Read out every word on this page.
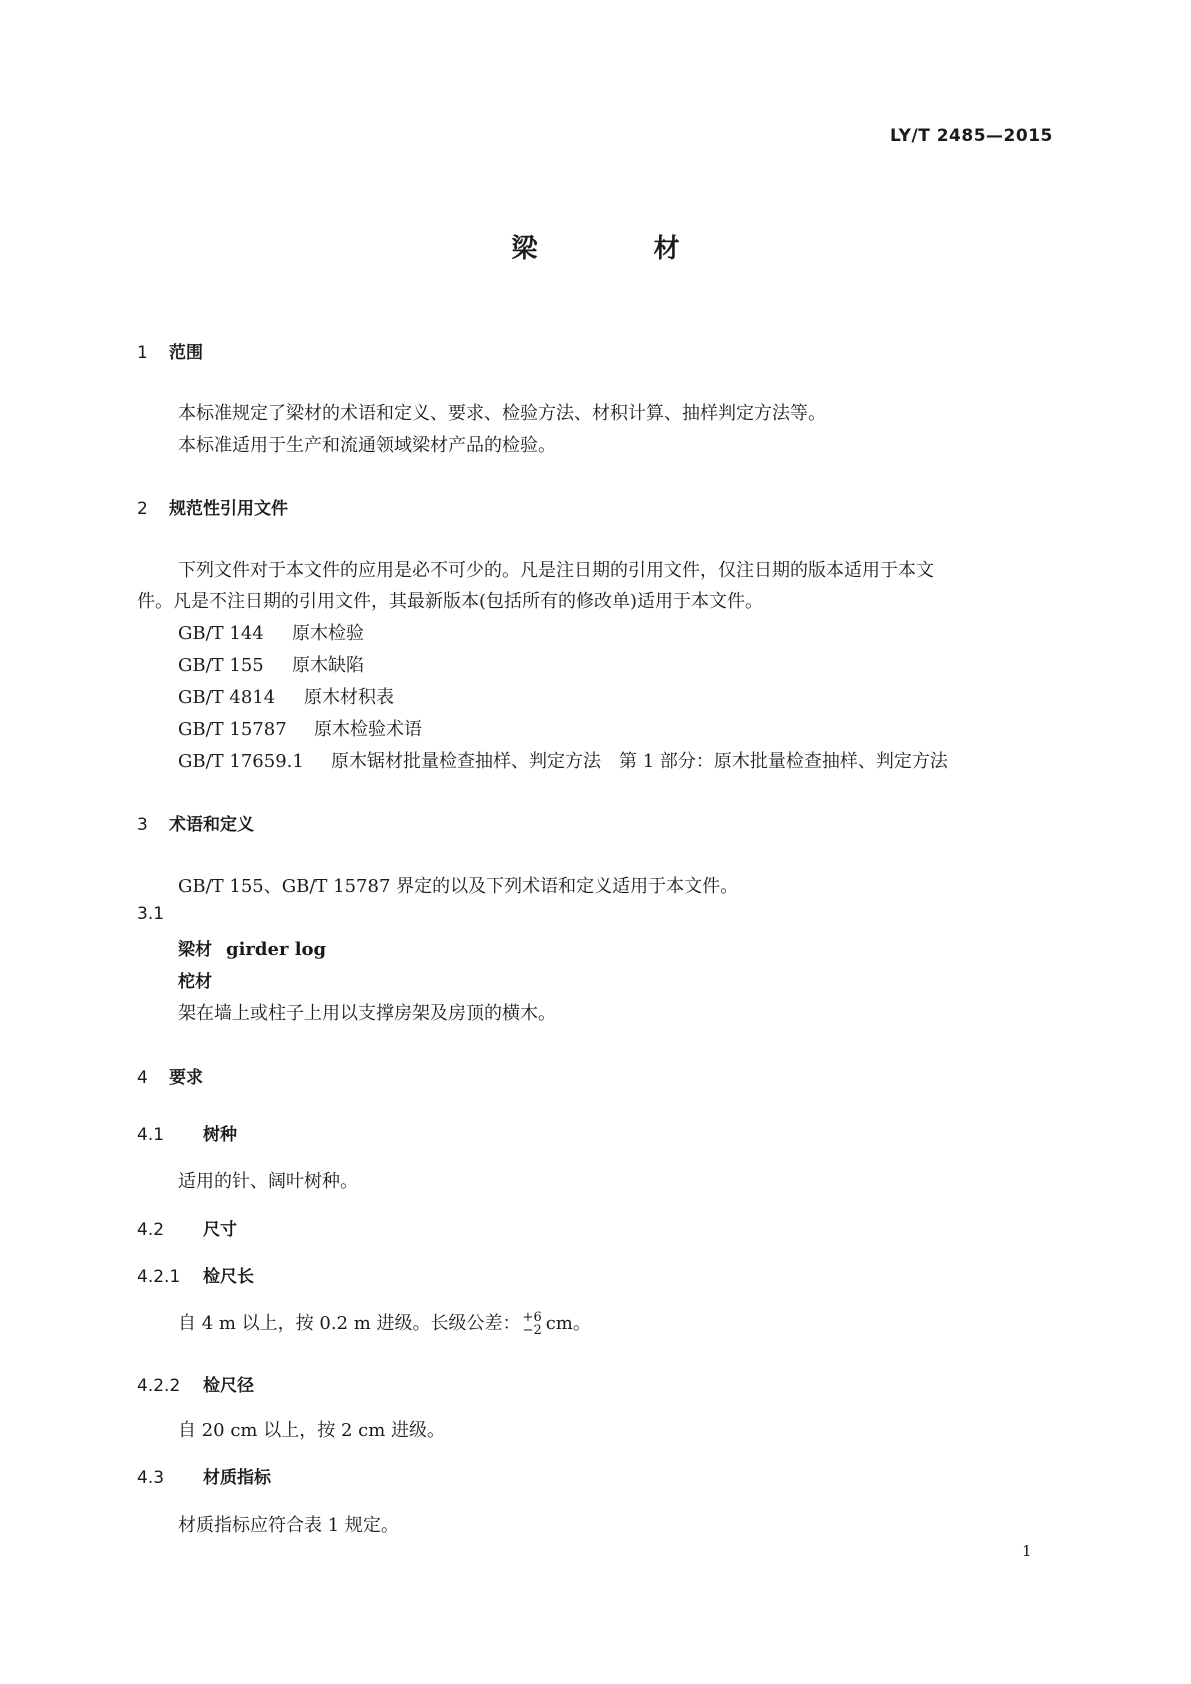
LY/T 2485—2015
梁	材
1 范围
本标准规定了梁材的术语和定义、要求、检验方法、材积计算、抽样判定方法等。
本标准适用于生产和流通领域梁材产品的检验。
2 规范性引用文件
下列文件对于本文件的应用是必不可少的。凡是注日期的引用文件，仅注日期的版本适用于本文
件。凡是不注日期的引用文件，其最新版本(包括所有的修改单)适用于本文件。
GB/T 144 原木检验
GB/T 155 原木缺陷
GB/T 4814 原木材积表
GB/T 15787 原木检验术语
GB/T 17659.1 原木锯材批量检查抽样、判定方法　第 1 部分：原木批量检查抽样、判定方法
3 术语和定义
GB/T 155、GB/T 15787 界定的以及下列术语和定义适用于本文件。
3.1
梁材 girder log
柁材
架在墙上或柱子上用以支撑房架及房顶的横木。
4 要求
4.1 树种
适用的针、阔叶树种。
4.2 尺寸
4.2.1 检尺长
自 4 m 以上，按 0.2 m 进级。长级公差： +6
−2 cm。
4.2.2 检尺径
自 20 cm 以上，按 2 cm 进级。
4.3 材质指标
材质指标应符合表 1 规定。
1
